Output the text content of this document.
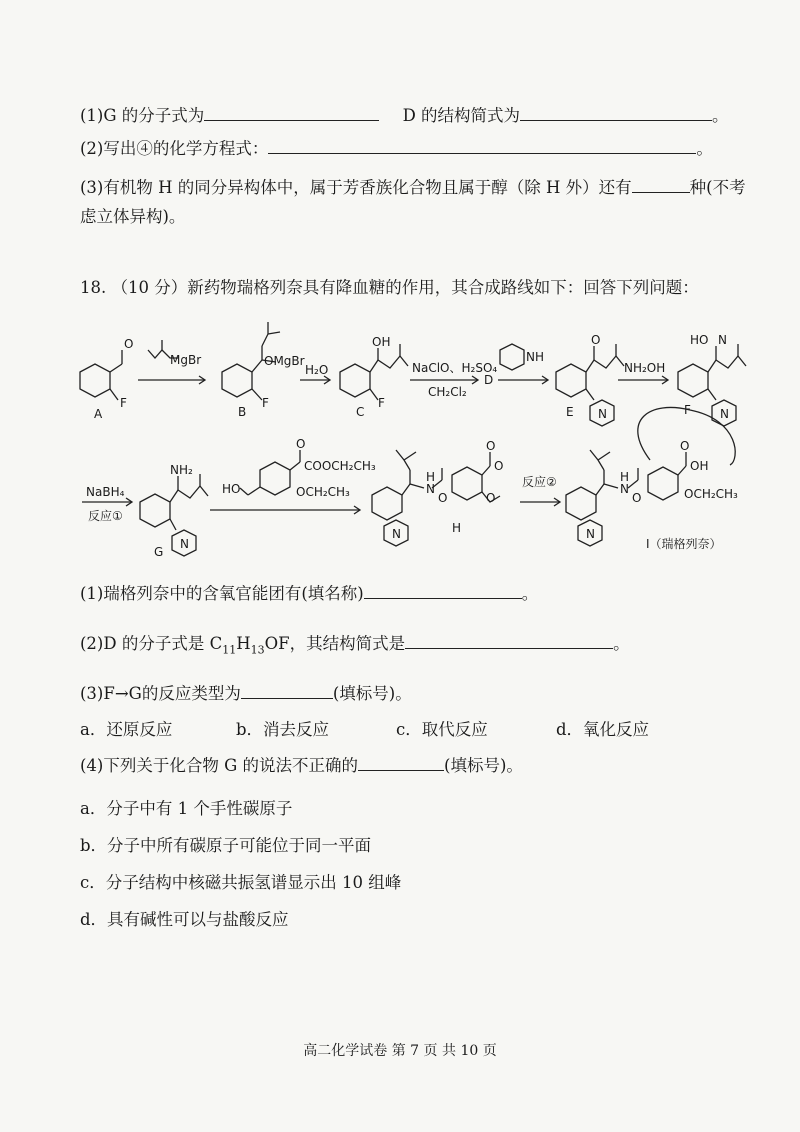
(1)G 的分子式为	D 的结构简式为	。
(2)写出④的化学方程式：	。
(3)有机物 H 的同分异构体中，属于芳香族化合物且属于醇（除 H 外）还有	种(不考
虑立体异构)。
18. （10 分）新药物瑞格列奈具有降血糖的作用，其合成路线如下：回答下列问题：
O
F
A
MgBr	OMgBr
F
B
H₂O
OH
F
C
NaClO、H₂SO₄
CH₂Cl₂
D
NH
O
N
E
NH₂OH
HO N
N
F
NaBH₄
反应①
NH₂
N
G
O
COOCH₂CH₃
OCH₂CH₃
HO	N
H
O
O
O
O
N	H
反应②	N
H
O
O
OH
OCH₂CH₃
N
I（瑞格列奈）
(1)瑞格列奈中的含氧官能团有(填名称)	。
(2)D 的分子式是 $C_{11}H_{13}OF$，其结构简式是	。
(3)F→G的反应类型为	(填标号)。
a．还原反应	b．消去反应	c．取代反应	d．氧化反应
(4)下列关于化合物 G 的说法不正确的	(填标号)。
a．分子中有 1 个手性碳原子
b．分子中所有碳原子可能位于同一平面
c．分子结构中核磁共振氢谱显示出 10 组峰
d．具有碱性可以与盐酸反应
高二化学试卷 第 7 页 共 10 页
